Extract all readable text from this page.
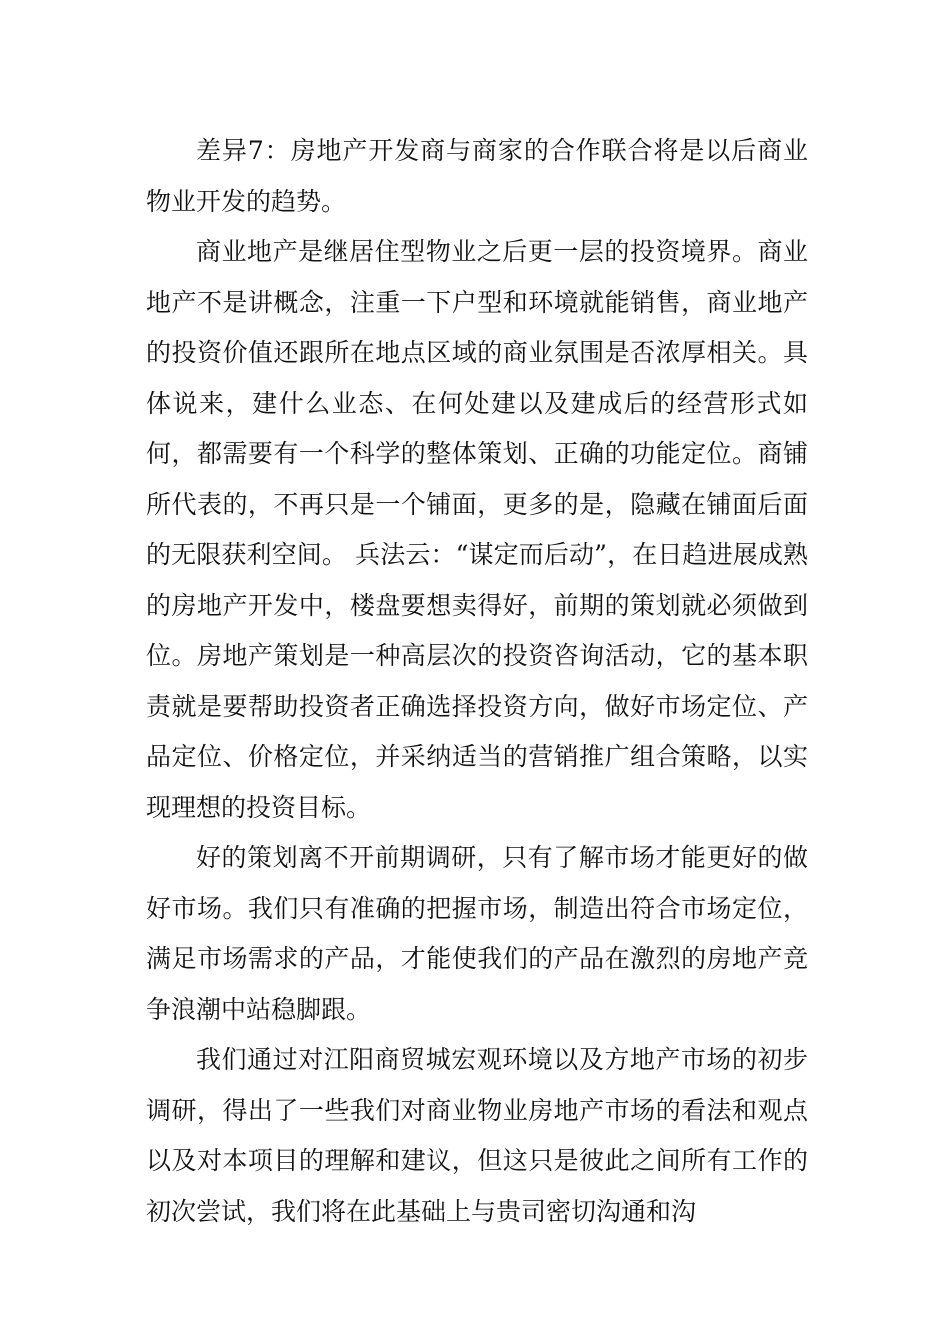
差异7：房地产开发商与商家的合作联合将是以后商业物业开发的趋势。

商业地产是继居住型物业之后更一层的投资境界。商业地产不是讲概念，注重一下户型和环境就能销售，商业地产的投资价值还跟所在地点区域的商业氛围是否浓厚相关。具体说来，建什么业态、在何处建以及建成后的经营形式如何，都需要有一个科学的整体策划、正确的功能定位。商铺所代表的，不再只是一个铺面，更多的是，隐藏在铺面后面的无限获利空间。 兵法云：“谋定而后动”，在日趋进展成熟的房地产开发中，楼盘要想卖得好，前期的策划就必须做到位。房地产策划是一种高层次的投资咨询活动，它的基本职责就是要帮助投资者正确选择投资方向，做好市场定位、产品定位、价格定位，并采纳适当的营销推广组合策略，以实现理想的投资目标。

好的策划离不开前期调研，只有了解市场才能更好的做好市场。我们只有准确的把握市场，制造出符合市场定位，满足市场需求的产品，才能使我们的产品在激烈的房地产竞争浪潮中站稳脚跟。

我们通过对江阳商贸城宏观环境以及方地产市场的初步调研，得出了一些我们对商业物业房地产市场的看法和观点以及对本项目的理解和建议，但这只是彼此之间所有工作的初次尝试，我们将在此基础上与贵司密切沟通和沟
